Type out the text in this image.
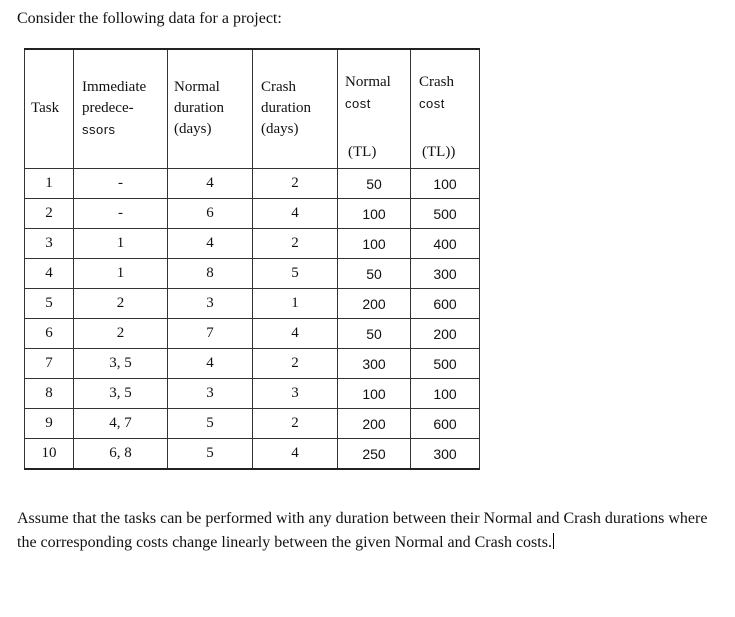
Consider the following data for a project:

Task	Immediate
predece-
ssors	Normal
duration
(days)	Crash
duration
(days)	Normal
cost
(TL)	Crash
cost
(TL))

1	-	4	2	50	100
2	-	6	4	100	500
3	1	4	2	100	400
4	1	8	5	50	300
5	2	3	1	200	600
6	2	7	4	50	200
7	3, 5	4	2	300	500
8	3, 5	3	3	100	100
9	4, 7	5	2	200	600
10	6, 8	5	4	250	300

Assume that the tasks can be performed with any duration between their Normal and Crash durations where the corresponding costs change linearly between the given Normal and Crash costs.
